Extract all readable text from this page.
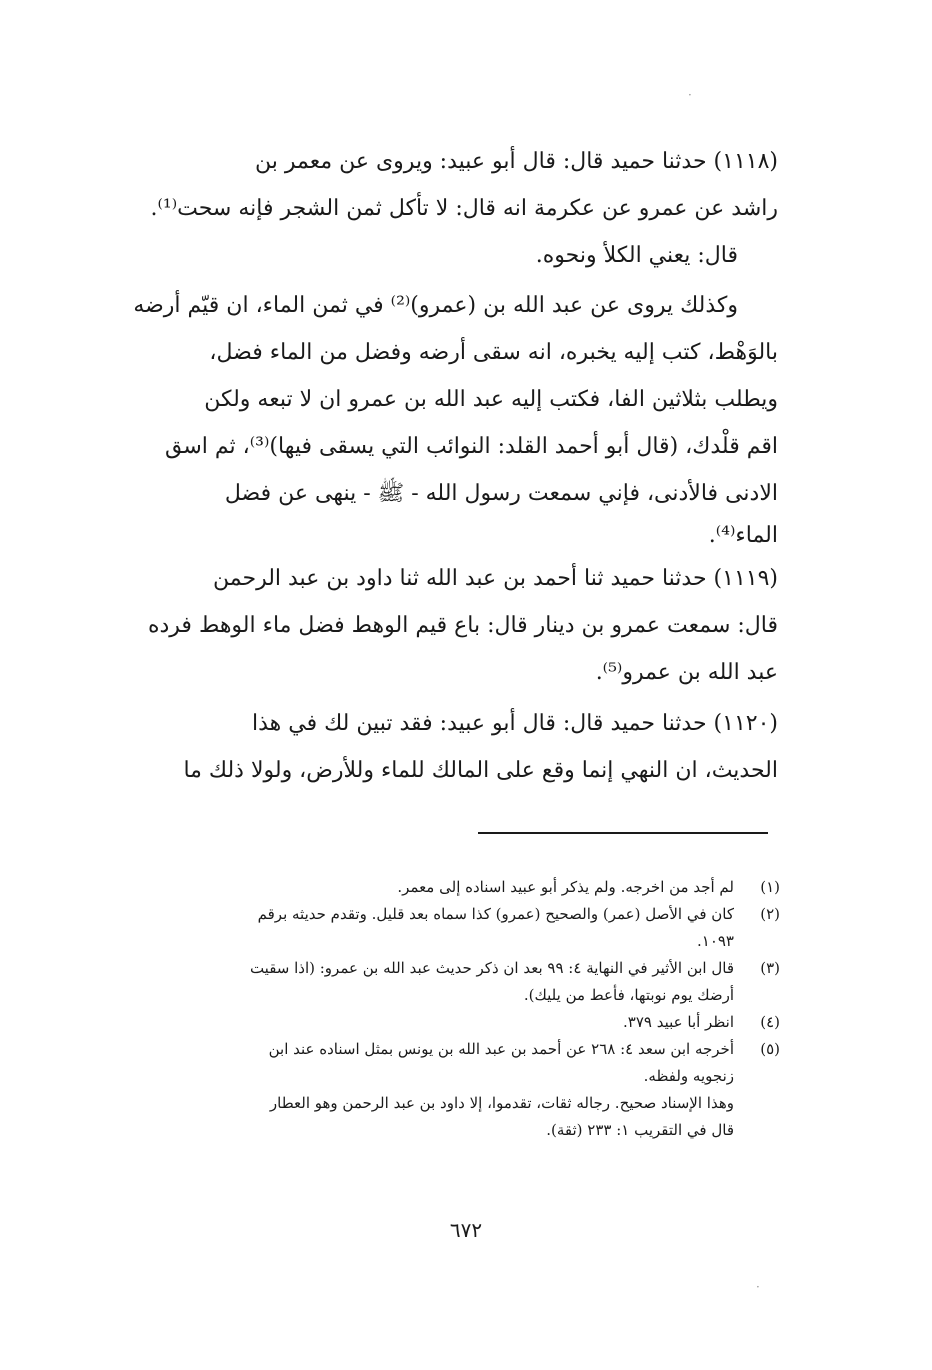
·
(١١١٨) حدثنا حميد قال: قال أبو عبيد: ويروى عن معمر بن
راشد عن عمرو عن عكرمة انه قال: لا تأكل ثمن الشجر فإنه سحت⁽¹⁾.
قال: يعني الكلأ ونحوه.
وكذلك يروى عن عبد الله بن (عمرو)⁽²⁾ في ثمن الماء، ان قيّم أرضه
بالوَهْط، كتب إليه يخبره، انه سقى أرضه وفضل من الماء فضل،
ويطلب بثلاثين الفا، فكتب إليه عبد الله بن عمرو ان لا تبعه ولكن
اقم قلْدك، (قال أبو أحمد القلد: النوائب التي يسقى فيها)⁽³⁾، ثم اسق
الادنى فالأدنى، فإني سمعت رسول الله - ﷺ - ينهى عن فضل
الماء⁽⁴⁾.
(١١١٩) حدثنا حميد ثنا أحمد بن عبد الله ثنا داود بن عبد الرحمن
قال: سمعت عمرو بن دينار قال: باع قيم الوهط فضل ماء الوهط فرده
عبد الله بن عمرو⁽⁵⁾.
(١١٢٠) حدثنا حميد قال: قال أبو عبيد: فقد تبين لك في هذا
الحديث، ان النهي إنما وقع على المالك للماء وللأرض، ولولا ذلك ما
(١)
لم أجد من اخرجه. ولم يذكر أبو عبيد اسناده إلى معمر.
(٢)
كان في الأصل (عمر) والصحيح (عمرو) كذا سماه بعد قليل. وتقدم حديثه برقم
١٠٩٣.
(٣)
قال ابن الأثير في النهاية ٤: ٩٩ بعد ان ذكر حديث عبد الله بن عمرو: (اذا سقيت
أرضك يوم نوبتها، فأعط من يليك).
(٤)
انظر أبا عبيد ٣٧٩.
(٥)
أخرجه ابن سعد ٤: ٢٦٨ عن أحمد بن عبد الله بن يونس بمثل اسناده عند ابن
زنجويه ولفظه.
وهذا الإسناد صحيح. رجاله ثقات، تقدموا، إلا داود بن عبد الرحمن وهو العطار
قال في التقريب ١: ٢٣٣ (ثقة).
٦٧٢
·
